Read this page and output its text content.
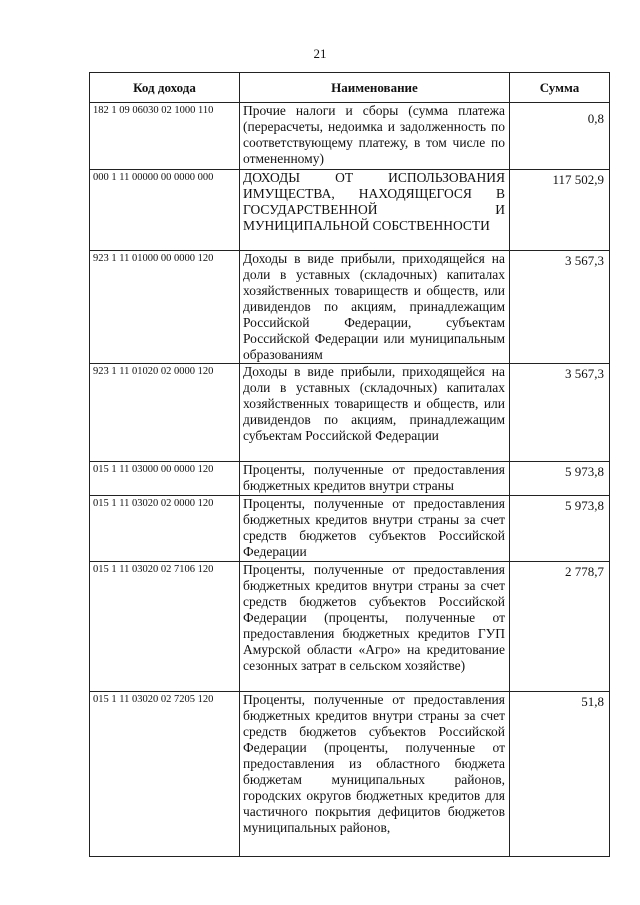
21
Код дохода	Наименование	Сумма
182 1 09 06030 02 1000 110	Прочие налоги и сборы (сумма платежа (перерасчеты, недоимка и задолженность по соответствующему платежу, в том числе по отмененному)	0,8
000 1 11 00000 00 0000 000	ДОХОДЫ ОТ ИСПОЛЬЗОВАНИЯ ИМУЩЕСТВА, НАХОДЯЩЕГОСЯ В ГОСУДАРСТВЕННОЙ И МУНИЦИПАЛЬНОЙ СОБСТВЕННОСТИ	117 502,9
923 1 11 01000 00 0000 120	Доходы в виде прибыли, приходящейся на доли в уставных (складочных) капиталах хозяйственных товариществ и обществ, или дивидендов по акциям, принадлежащим Российской Федерации, субъектам Российской Федерации или муниципальным образованиям	3 567,3
923 1 11 01020 02 0000 120	Доходы в виде прибыли, приходящейся на доли в уставных (складочных) капиталах хозяйственных товариществ и обществ, или дивидендов по акциям, принадлежащим субъектам Российской Федерации	3 567,3
015 1 11 03000 00 0000 120	Проценты, полученные от предоставления бюджетных кредитов внутри страны	5 973,8
015 1 11 03020 02 0000 120	Проценты, полученные от предоставления бюджетных кредитов внутри страны за счет средств бюджетов субъектов Российской Федерации	5 973,8
015 1 11 03020 02 7106 120	Проценты, полученные от предоставления бюджетных кредитов внутри страны за счет средств бюджетов субъектов Российской Федерации (проценты, полученные от предоставления бюджетных кредитов ГУП Амурской области «Агро» на кредитование сезонных затрат в сельском хозяйстве)	2 778,7
015 1 11 03020 02 7205 120	Проценты, полученные от предоставления бюджетных кредитов внутри страны за счет средств бюджетов субъектов Российской Федерации (проценты, полученные от предоставления из областного бюджета бюджетам муниципальных районов, городских округов бюджетных кредитов для частичного покрытия дефицитов бюджетов муниципальных районов,	51,8
